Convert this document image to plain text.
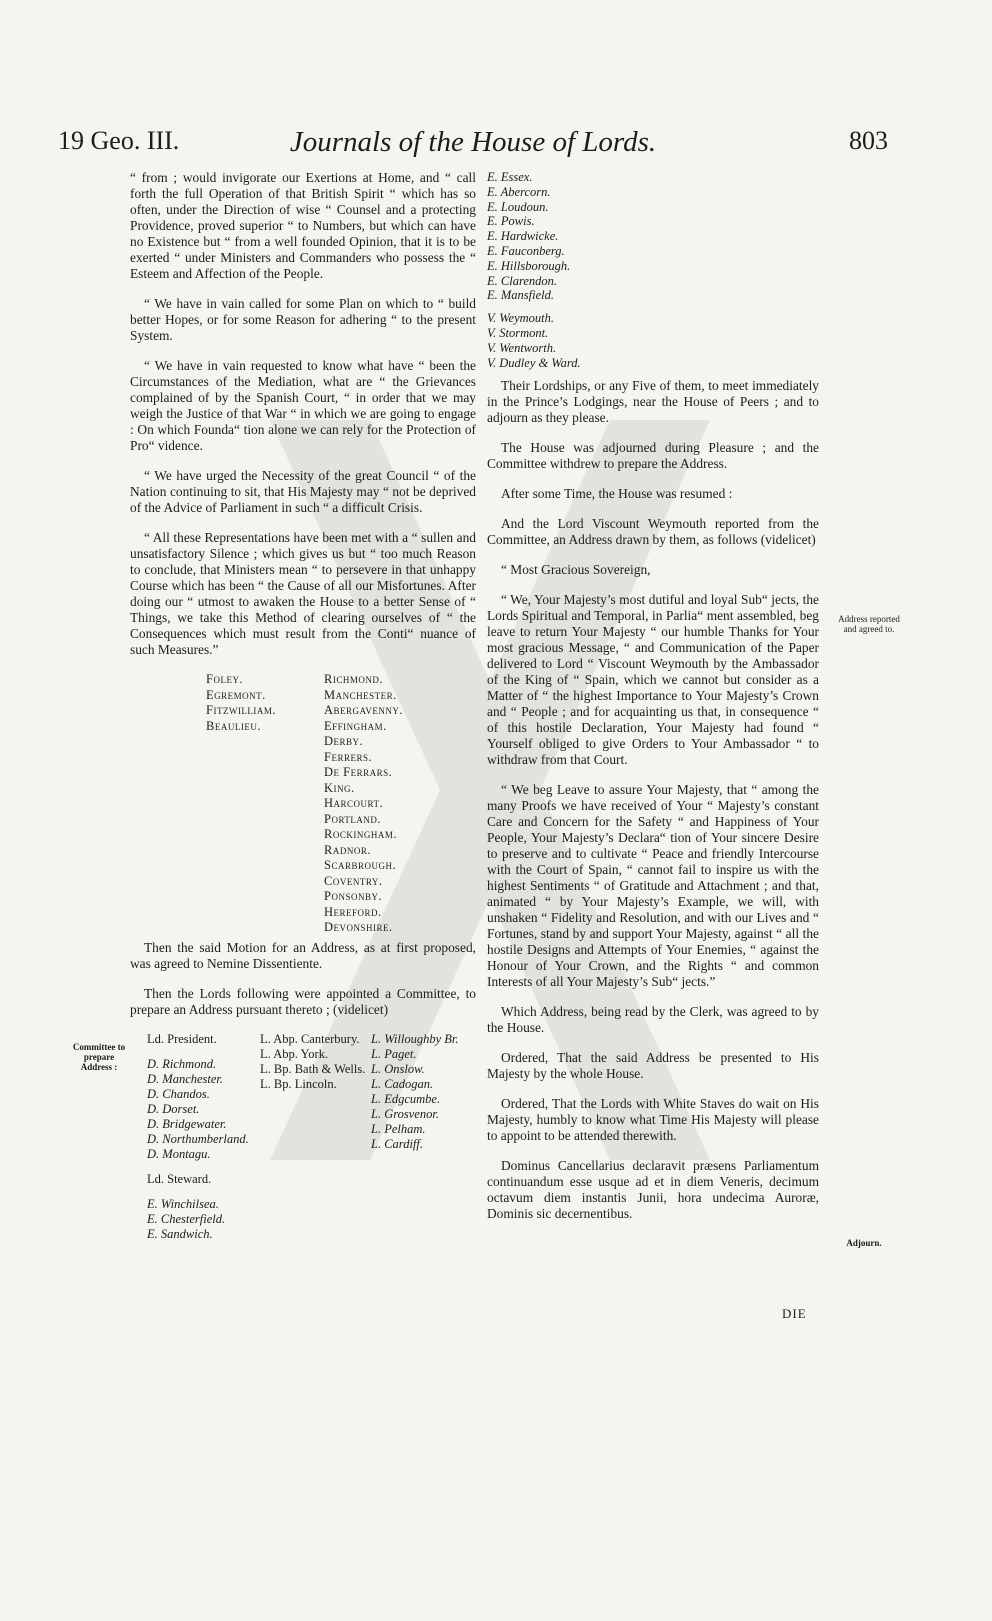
19 Geo. III.	Journals of the House of Lords.	803

“ from ; would invigorate our Exertions at Home, and “ call forth the full Operation of that British Spirit “ which has so often, under the Direction of wise “ Counsel and a protecting Providence, proved superior “ to Numbers, but which can have no Existence but “ from a well founded Opinion, that it is to be exerted “ under Ministers and Commanders who possess the “ Esteem and Affection of the People.

“ We have in vain called for some Plan on which to “ build better Hopes, or for some Reason for adhering “ to the present System.

“ We have in vain requested to know what have “ been the Circumstances of the Mediation, what are “ the Grievances complained of by the Spanish Court, “ in order that we may weigh the Justice of that War “ in which we are going to engage : On which Founda“ tion alone we can rely for the Protection of Pro“ vidence.

“ We have urged the Necessity of the great Council “ of the Nation continuing to sit, that His Majesty may “ not be deprived of the Advice of Parliament in such “ a difficult Crisis.

“ All these Representations have been met with a “ sullen and unsatisfactory Silence ; which gives us but “ too much Reason to conclude, that Ministers mean “ to persevere in that unhappy Course which has been “ the Cause of all our Misfortunes. After doing our “ utmost to awaken the House to a better Sense of “ Things, we take this Method of clearing ourselves of “ the Consequences which must result from the Conti“ nuance of such Measures.”

Foley.
Egremont.
Fitzwilliam.
Beaulieu.
Richmond.
Manchester.
Abergavenny.
Effingham.
Derby.
Ferrers.
De Ferrars.
King.
Harcourt.
Portland.
Rockingham.
Radnor.
Scarbrough.
Coventry.
Ponsonby.
Hereford.
Devonshire.

Then the said Motion for an Address, as at first proposed, was agreed to Nemine Dissentiente.

Then the Lords following were appointed a Committee, to prepare an Address pursuant thereto ; (videlicet)

Ld. President.
D. Richmond.
D. Manchester.
D. Chandos.
D. Dorset.
D. Bridgewater.
D. Northumberland.
D. Montagu.
Ld. Steward.
E. Winchilsea.
E. Chesterfield.
E. Sandwich.
L. Abp. Canterbury.
L. Abp. York.
L. Bp. Bath & Wells.
L. Bp. Lincoln.
L. Willoughby Br.
L. Paget.
L. Onslow.
L. Cadogan.
L. Edgcumbe.
L. Grosvenor.
L. Pelham.
L. Cardiff.
E. Essex.
E. Abercorn.
E. Loudoun.
E. Powis.
E. Hardwicke.
E. Fauconberg.
E. Hillsborough.
E. Clarendon.
E. Mansfield.
V. Weymouth.
V. Stormont.
V. Wentworth.
V. Dudley & Ward.

Their Lordships, or any Five of them, to meet immediately in the Prince’s Lodgings, near the House of Peers ; and to adjourn as they please.

The House was adjourned during Pleasure ; and the Committee withdrew to prepare the Address.

After some Time, the House was resumed :

And the Lord Viscount Weymouth reported from the Committee, an Address drawn by them, as follows (videlicet)

“ Most Gracious Sovereign,

“ We, Your Majesty’s most dutiful and loyal Sub“ jects, the Lords Spiritual and Temporal, in Parlia“ ment assembled, beg leave to return Your Majesty “ our humble Thanks for Your most gracious Message, “ and Communication of the Paper delivered to Lord “ Viscount Weymouth by the Ambassador of the King of “ Spain, which we cannot but consider as a Matter of “ the highest Importance to Your Majesty’s Crown and “ People ; and for acquainting us that, in consequence “ of this hostile Declaration, Your Majesty had found “ Yourself obliged to give Orders to Your Ambassador “ to withdraw from that Court.

“ We beg Leave to assure Your Majesty, that “ among the many Proofs we have received of Your “ Majesty’s constant Care and Concern for the Safety “ and Happiness of Your People, Your Majesty’s Declara“ tion of Your sincere Desire to preserve and to cultivate “ Peace and friendly Intercourse with the Court of Spain, “ cannot fail to inspire us with the highest Sentiments “ of Gratitude and Attachment ; and that, animated “ by Your Majesty’s Example, we will, with unshaken “ Fidelity and Resolution, and with our Lives and “ Fortunes, stand by and support Your Majesty, against “ all the hostile Designs and Attempts of Your Enemies, “ against the Honour of Your Crown, and the Rights “ and common Interests of all Your Majesty’s Sub“ jects.”

Which Address, being read by the Clerk, was agreed to by the House.

Ordered, That the said Address be presented to His Majesty by the whole House.

Ordered, That the Lords with White Staves do wait on His Majesty, humbly to know what Time His Majesty will please to appoint to be attended therewith.

Dominus Cancellarius declaravit præsens Parliamentum continuandum esse usque ad et in diem Veneris, decimum octavum diem instantis Junii, hora undecima Auroræ, Dominis sic decernentibus.

Committee to prepare Address :
Address reported and agreed to.
Adjourn.
DIE
